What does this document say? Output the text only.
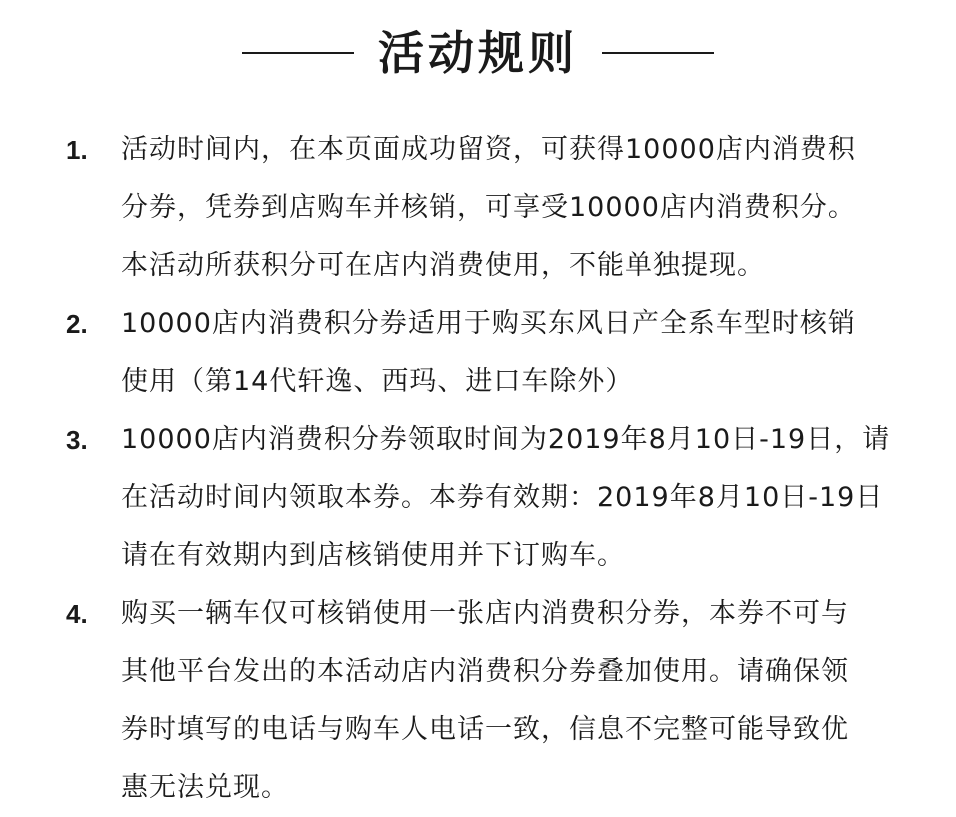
活动规则
1.	活动时间内，在本页面成功留资，可获得10000店内消费积
分券，凭券到店购车并核销，可享受10000店内消费积分。
本活动所获积分可在店内消费使用，不能单独提现。
2.	10000店内消费积分券适用于购买东风日产全系车型时核销
使用（第14代轩逸、西玛、进口车除外）
3.	10000店内消费积分券领取时间为2019年8月10日-19日，请
在活动时间内领取本券。本券有效期：2019年8月10日-19日
请在有效期内到店核销使用并下订购车。
4.	购买一辆车仅可核销使用一张店内消费积分券，本券不可与
其他平台发出的本活动店内消费积分券叠加使用。请确保领
券时填写的电话与购车人电话一致，信息不完整可能导致优
惠无法兑现。
